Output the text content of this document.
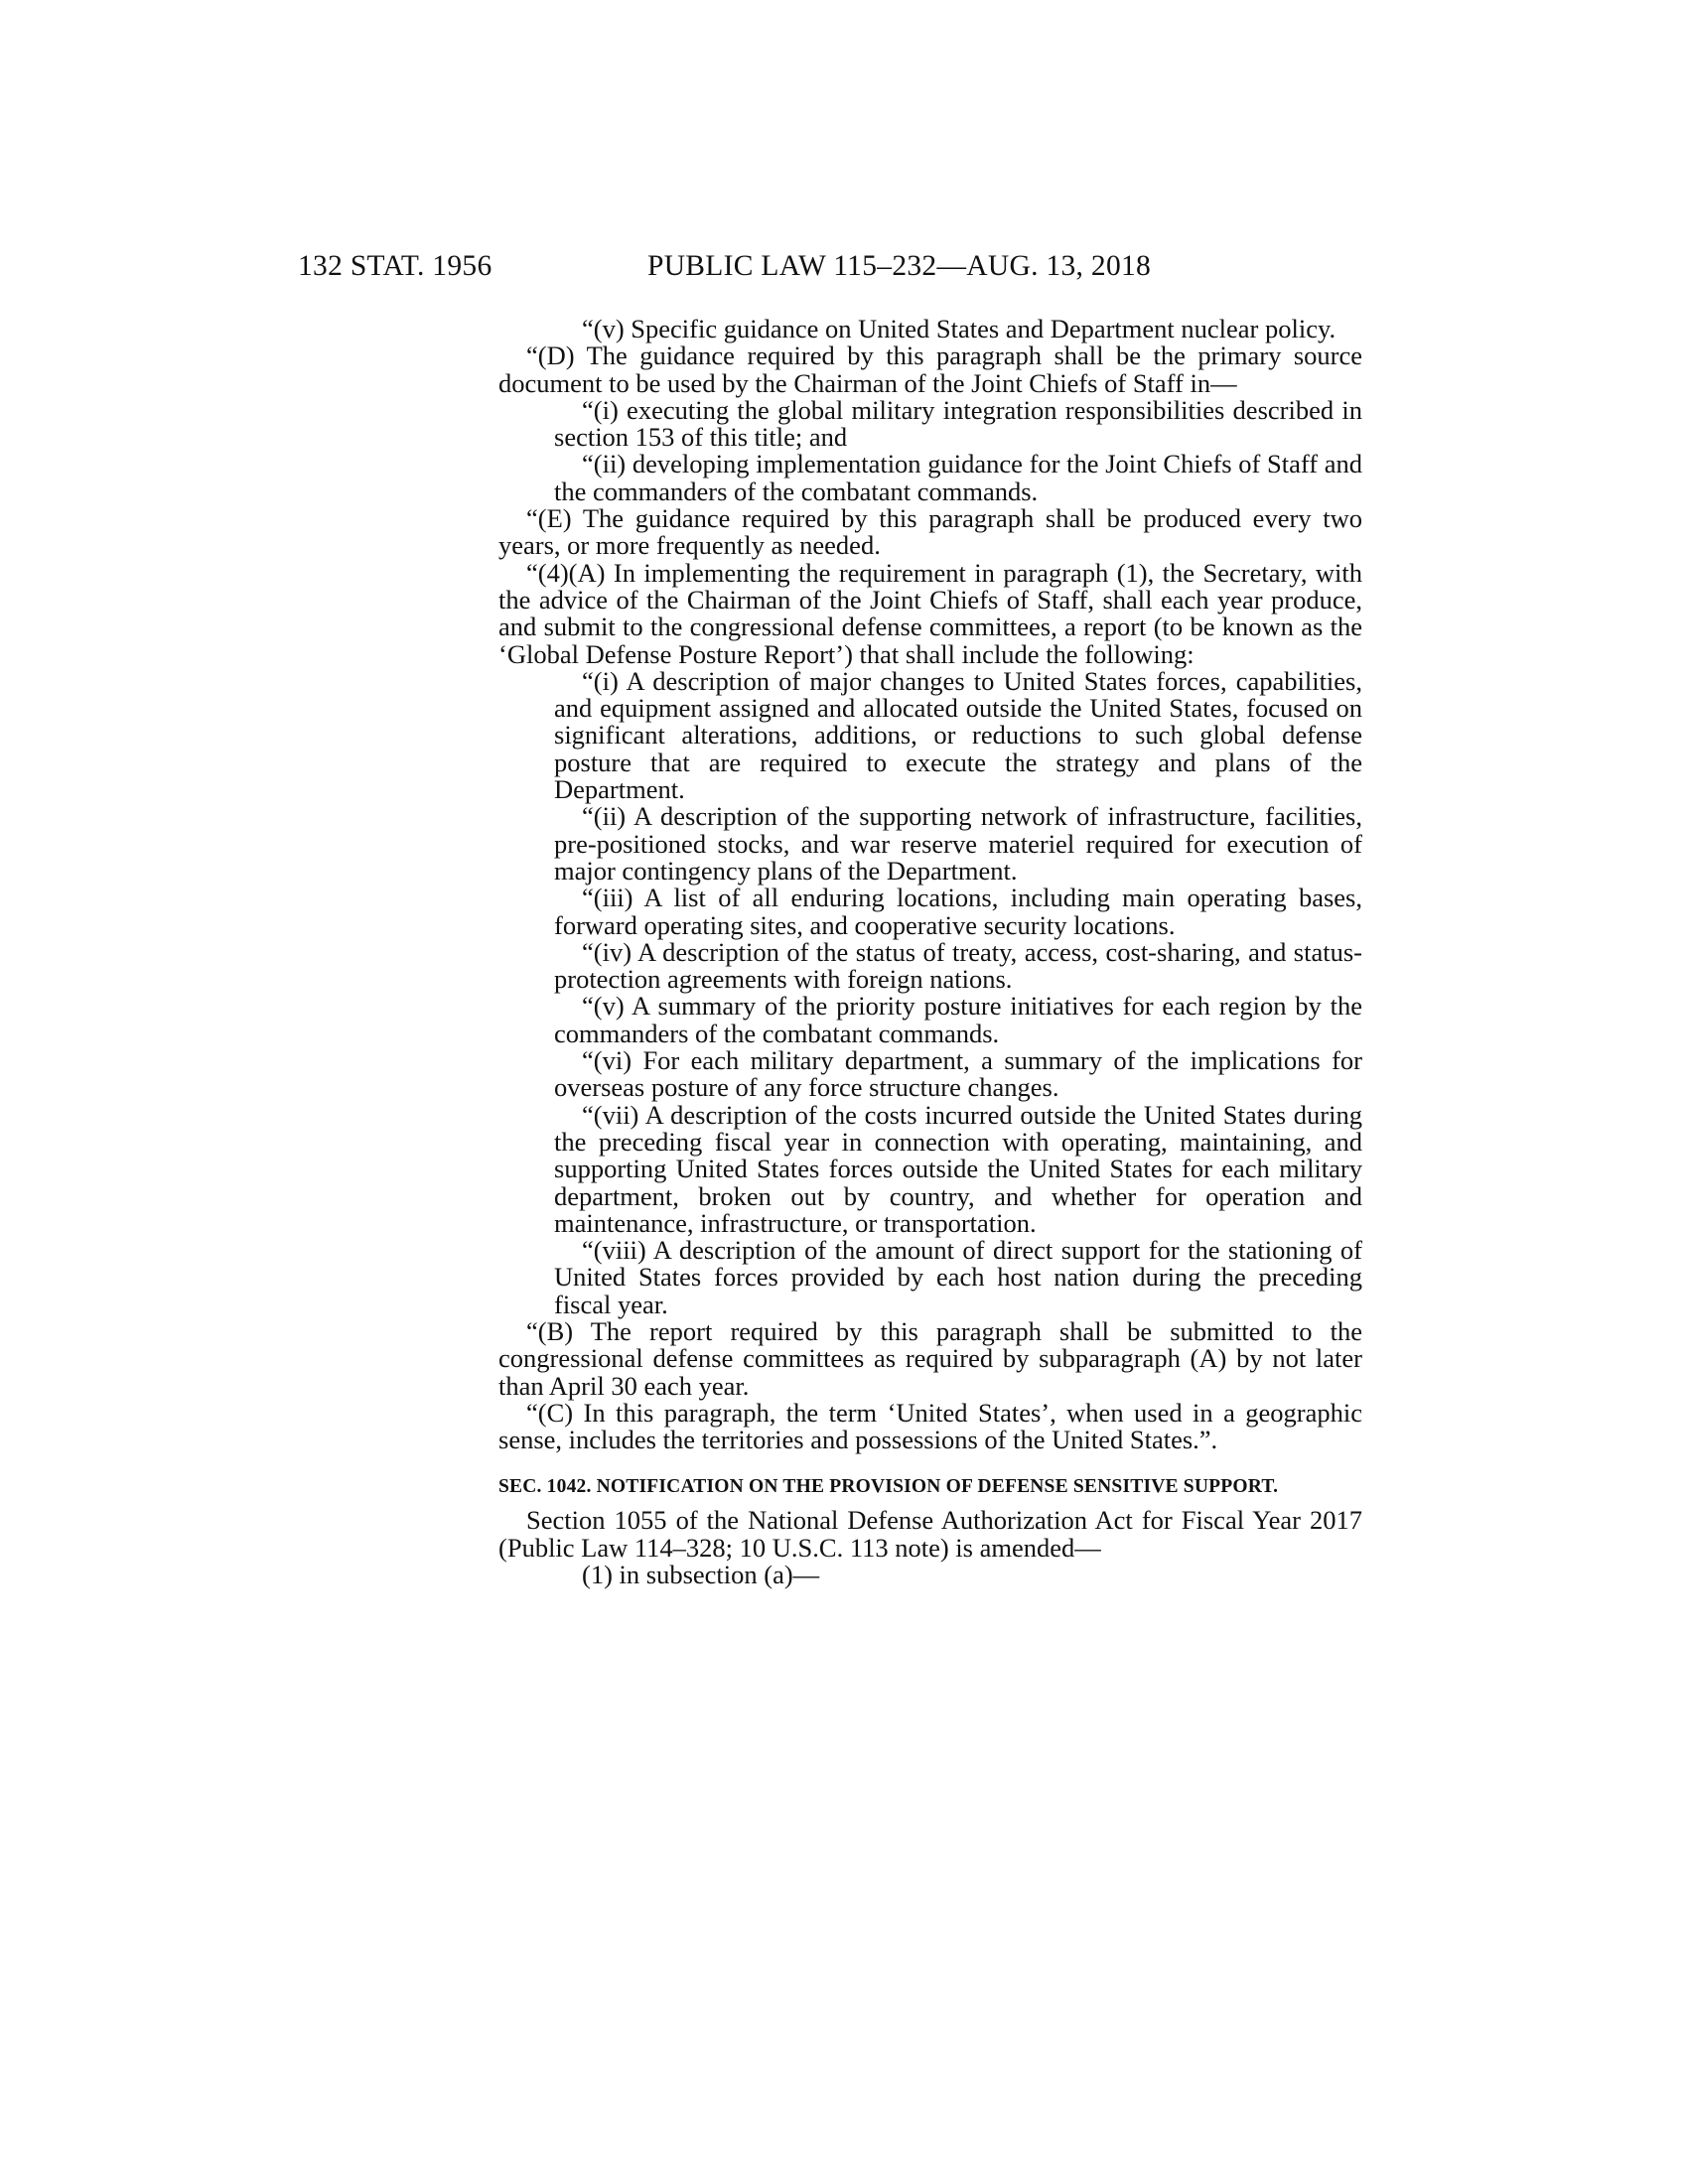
132 STAT. 1956	PUBLIC LAW 115–232—AUG. 13, 2018

“(v) Specific guidance on United States and Department nuclear policy.

“(D) The guidance required by this paragraph shall be the primary source document to be used by the Chairman of the Joint Chiefs of Staff in—

“(i) executing the global military integration responsibilities described in section 153 of this title; and

“(ii) developing implementation guidance for the Joint Chiefs of Staff and the commanders of the combatant commands.

“(E) The guidance required by this paragraph shall be produced every two years, or more frequently as needed.

“(4)(A) In implementing the requirement in paragraph (1), the Secretary, with the advice of the Chairman of the Joint Chiefs of Staff, shall each year produce, and submit to the congressional defense committees, a report (to be known as the ‘Global Defense Posture Report’) that shall include the following:

“(i) A description of major changes to United States forces, capabilities, and equipment assigned and allocated outside the United States, focused on significant alterations, additions, or reductions to such global defense posture that are required to execute the strategy and plans of the Department.

“(ii) A description of the supporting network of infrastructure, facilities, pre-positioned stocks, and war reserve materiel required for execution of major contingency plans of the Department.

“(iii) A list of all enduring locations, including main operating bases, forward operating sites, and cooperative security locations.

“(iv) A description of the status of treaty, access, cost-sharing, and status-protection agreements with foreign nations.

“(v) A summary of the priority posture initiatives for each region by the commanders of the combatant commands.

“(vi) For each military department, a summary of the implications for overseas posture of any force structure changes.

“(vii) A description of the costs incurred outside the United States during the preceding fiscal year in connection with operating, maintaining, and supporting United States forces outside the United States for each military department, broken out by country, and whether for operation and maintenance, infrastructure, or transportation.

“(viii) A description of the amount of direct support for the stationing of United States forces provided by each host nation during the preceding fiscal year.

“(B) The report required by this paragraph shall be submitted to the congressional defense committees as required by subparagraph (A) by not later than April 30 each year.

“(C) In this paragraph, the term ‘United States’, when used in a geographic sense, includes the territories and possessions of the United States.”.

SEC. 1042. NOTIFICATION ON THE PROVISION OF DEFENSE SENSITIVE SUPPORT.

Section 1055 of the National Defense Authorization Act for Fiscal Year 2017 (Public Law 114–328; 10 U.S.C. 113 note) is amended—

(1) in subsection (a)—
